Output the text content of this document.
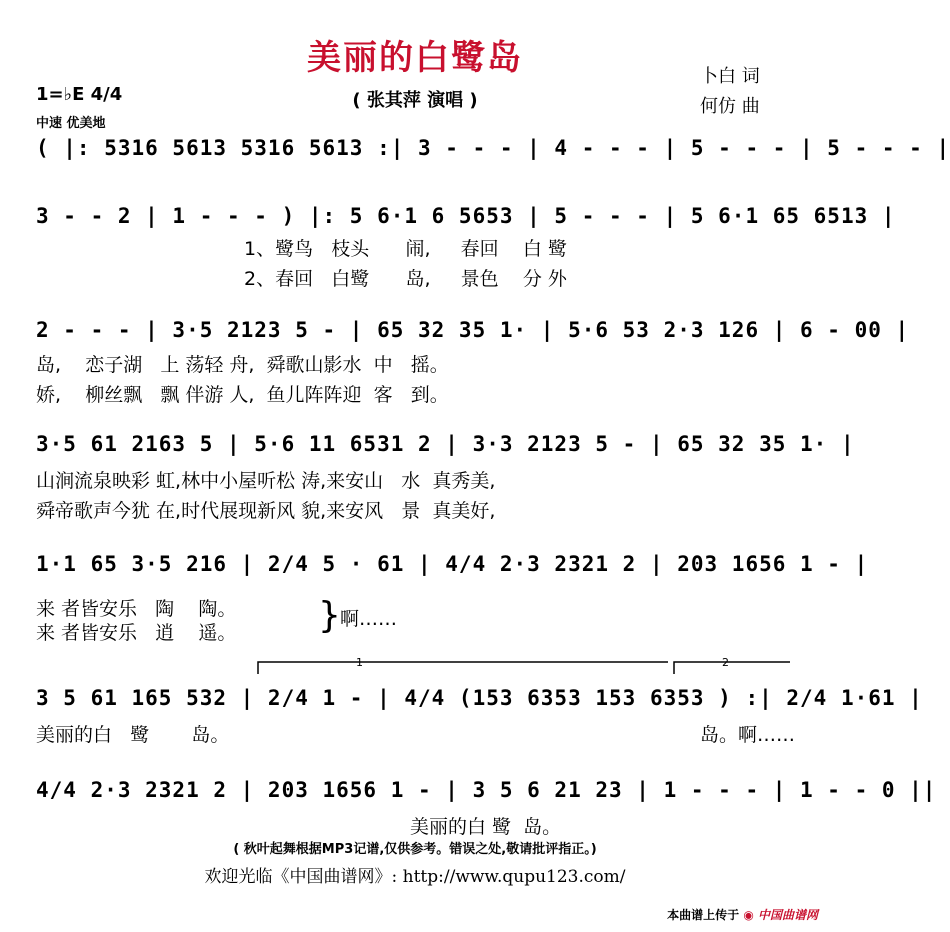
美丽的白鹭岛
( 张其萍 演唱 )
卜白 词
何仿 曲
1=♭E 4/4
中速 优美地
( |: 5316 5613 5316 5613 :| 3 - - - | 4 - - - | 5 - - - | 5 - - - |
3 - - 2 | 1 - - - ) |: 5 6·1 6 5653 | 5 - - - | 5 6·1 65 6513 |
1、鹭鸟   枝头      闹,     春回    白 鹭
2、春回   白鹭      岛,     景色    分 外
2 - - - | 3·5 2123 5 - | 65 32 35 1· | 5·6 53 2·3 126 | 6 - 00 |
岛,    恋子湖   上 荡轻 舟,  舜歌山影水  中   摇。
娇,    柳丝飘   飘 伴游 人,  鱼儿阵阵迎  客   到。
3·5 61 2163 5 | 5·6 11 6531 2 | 3·3 2123 5 - | 65 32 35 1· |
山涧流泉映彩 虹,林中小屋听松 涛,来安山   水  真秀美,
舜帝歌声今犹 在,时代展现新风 貌,来安风   景  真美好,
1·1 65 3·5 216 | 2/4 5 · 61 | 4/4 2·3 2321 2 | 203 1656 1 - |
来 者皆安乐   陶    陶。
来 者皆安乐   逍    遥。 } 啊……
1	2
3 5 61 165 532 | 2/4 1 - | 4/4 (153 6353 153 6353 ) :| 2/4 1·61 |
美丽的白   鹭       岛。	岛。啊……
4/4 2·3 2321 2 | 203 1656 1 - | 3 5 6 21 23 | 1 - - - | 1 - - 0 ||
美丽的白 鹭  岛。
( 秋叶起舞根据MP3记谱,仅供参考。错误之处,敬请批评指正。)
欢迎光临《中国曲谱网》: http://www.qupu123.com/
本曲谱上传于 ◉ 中国曲谱网
